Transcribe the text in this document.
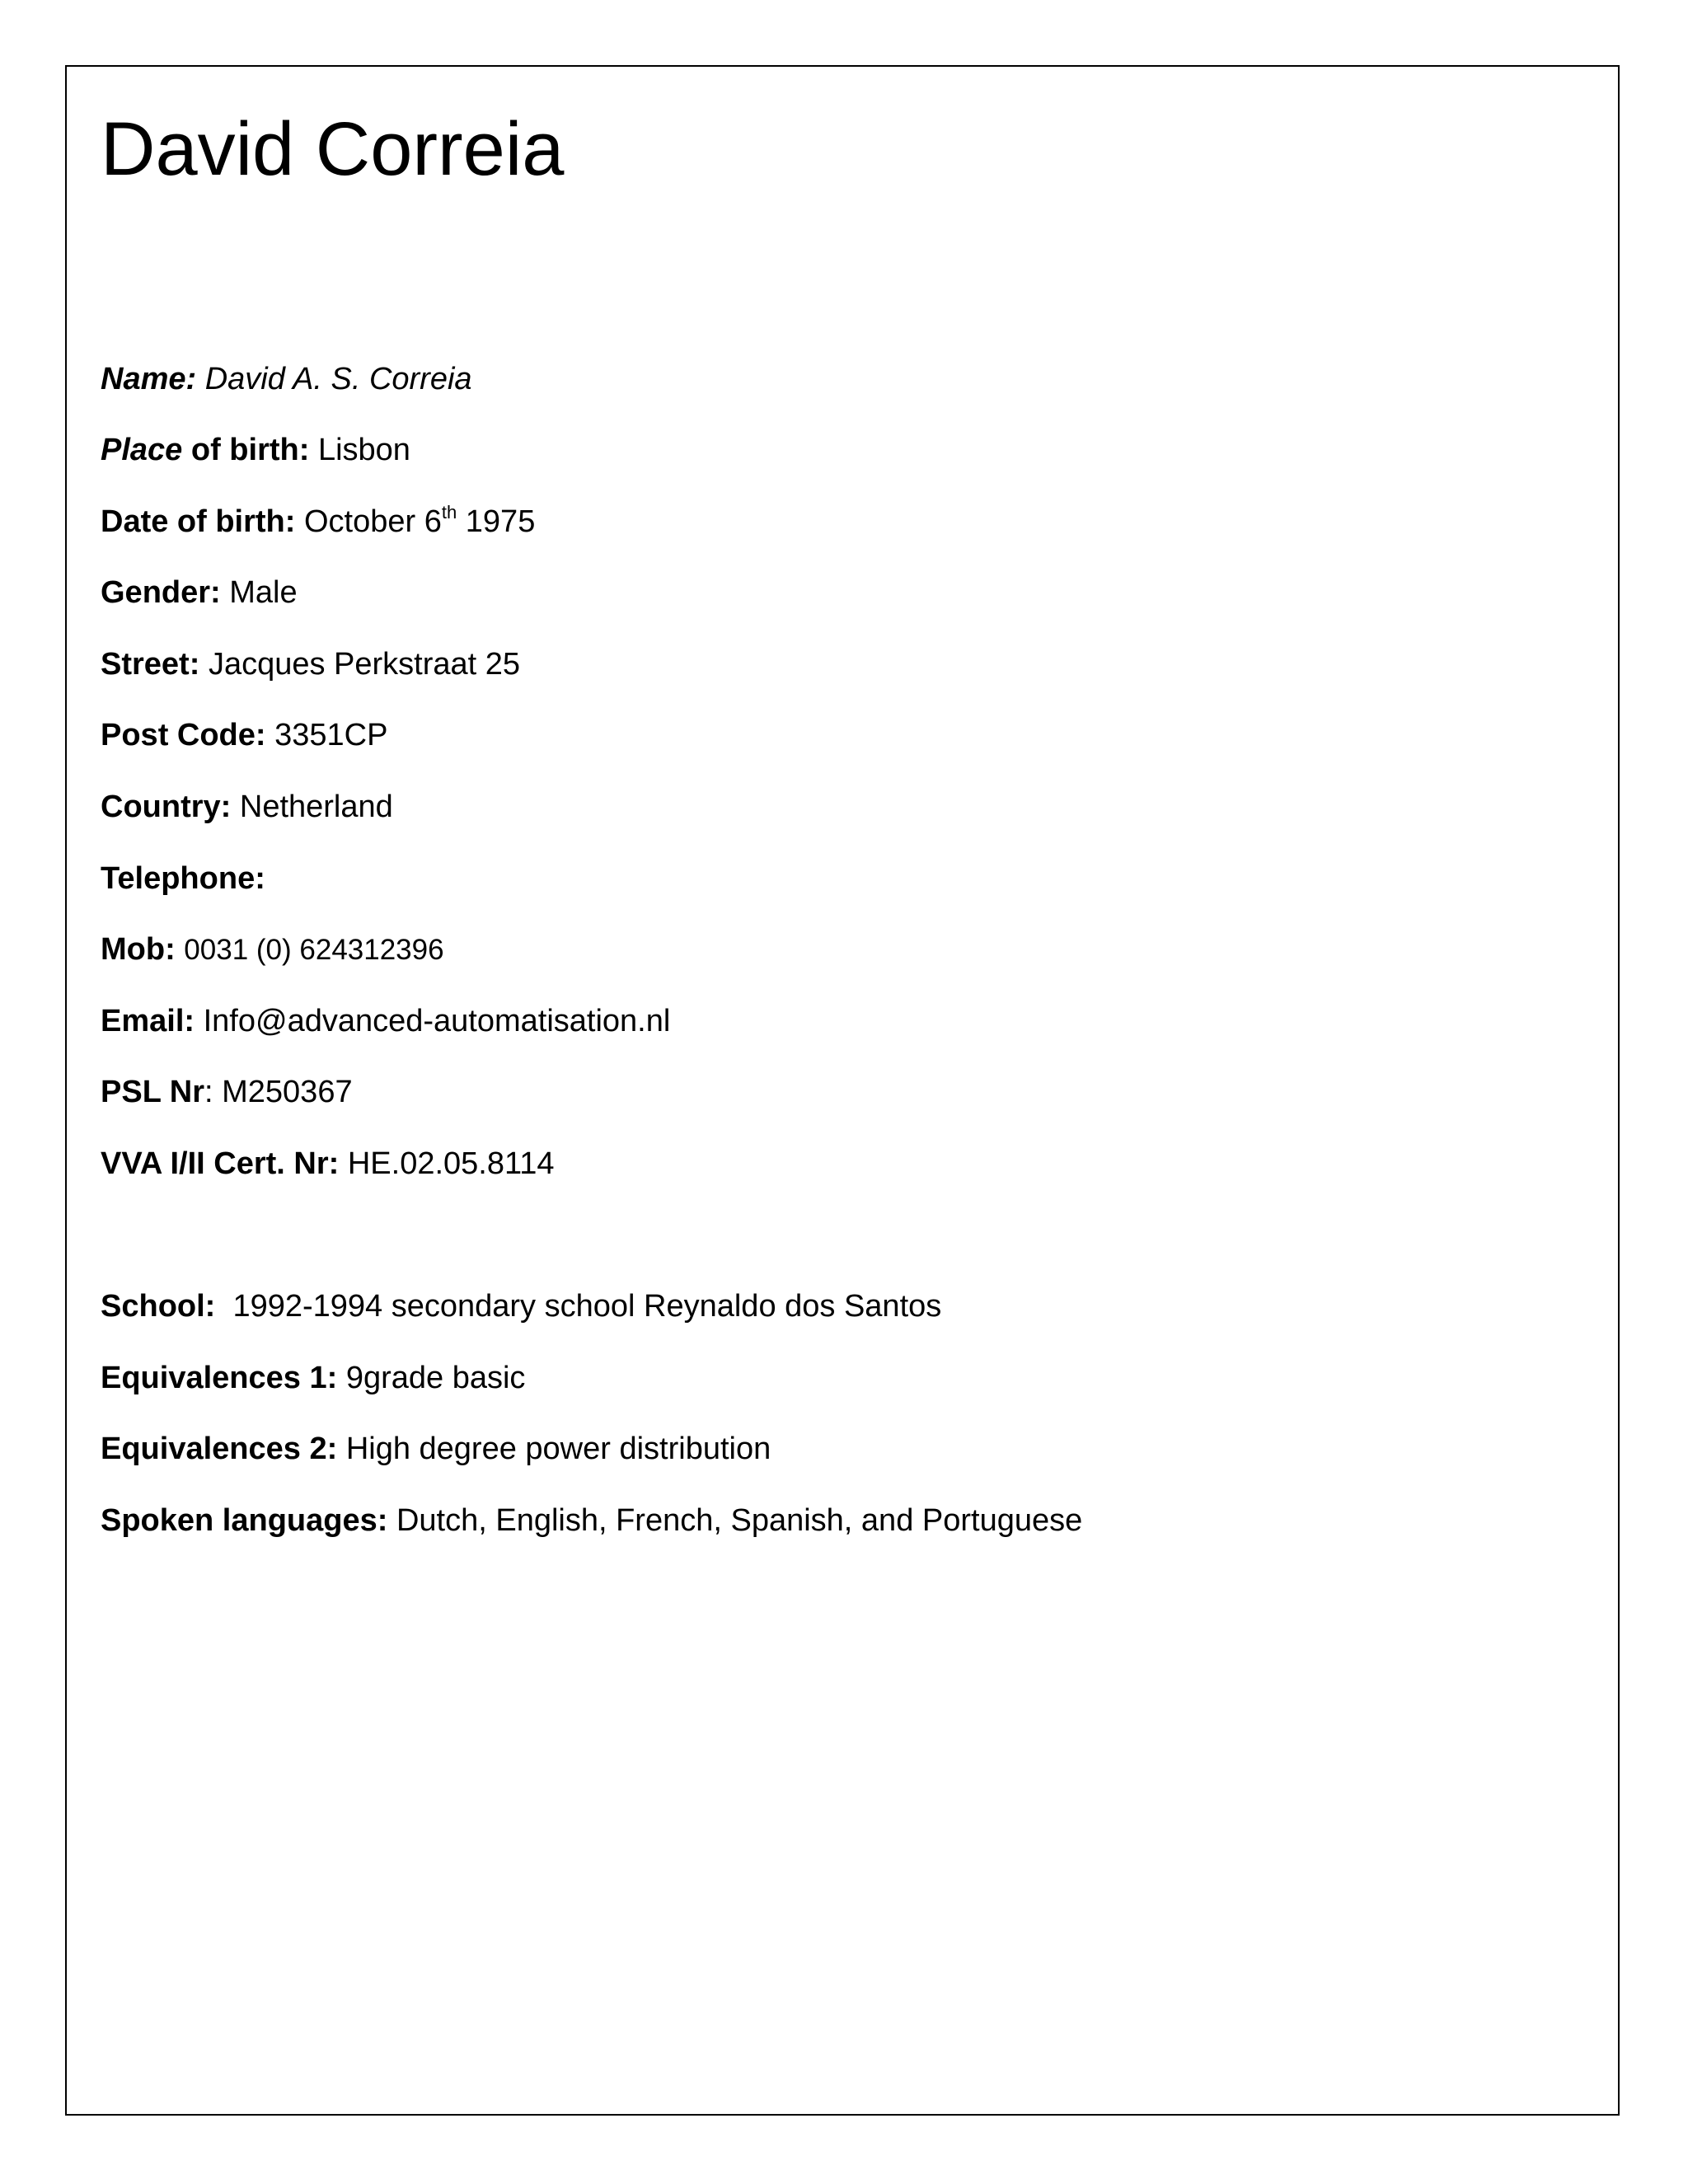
David Correia
Name: David A. S. Correia
Place of birth: Lisbon
Date of birth: October 6th 1975
Gender: Male
Street: Jacques Perkstraat 25
Post Code: 3351CP
Country: Netherland
Telephone:
Mob: 0031 (0) 624312396
Email: Info@advanced-automatisation.nl
PSL Nr: M250367
VVA I/II Cert. Nr: HE.02.05.8114
School: 1992-1994 secondary school Reynaldo dos Santos
Equivalences 1: 9grade basic
Equivalences 2: High degree power distribution
Spoken languages: Dutch, English, French, Spanish, and Portuguese
